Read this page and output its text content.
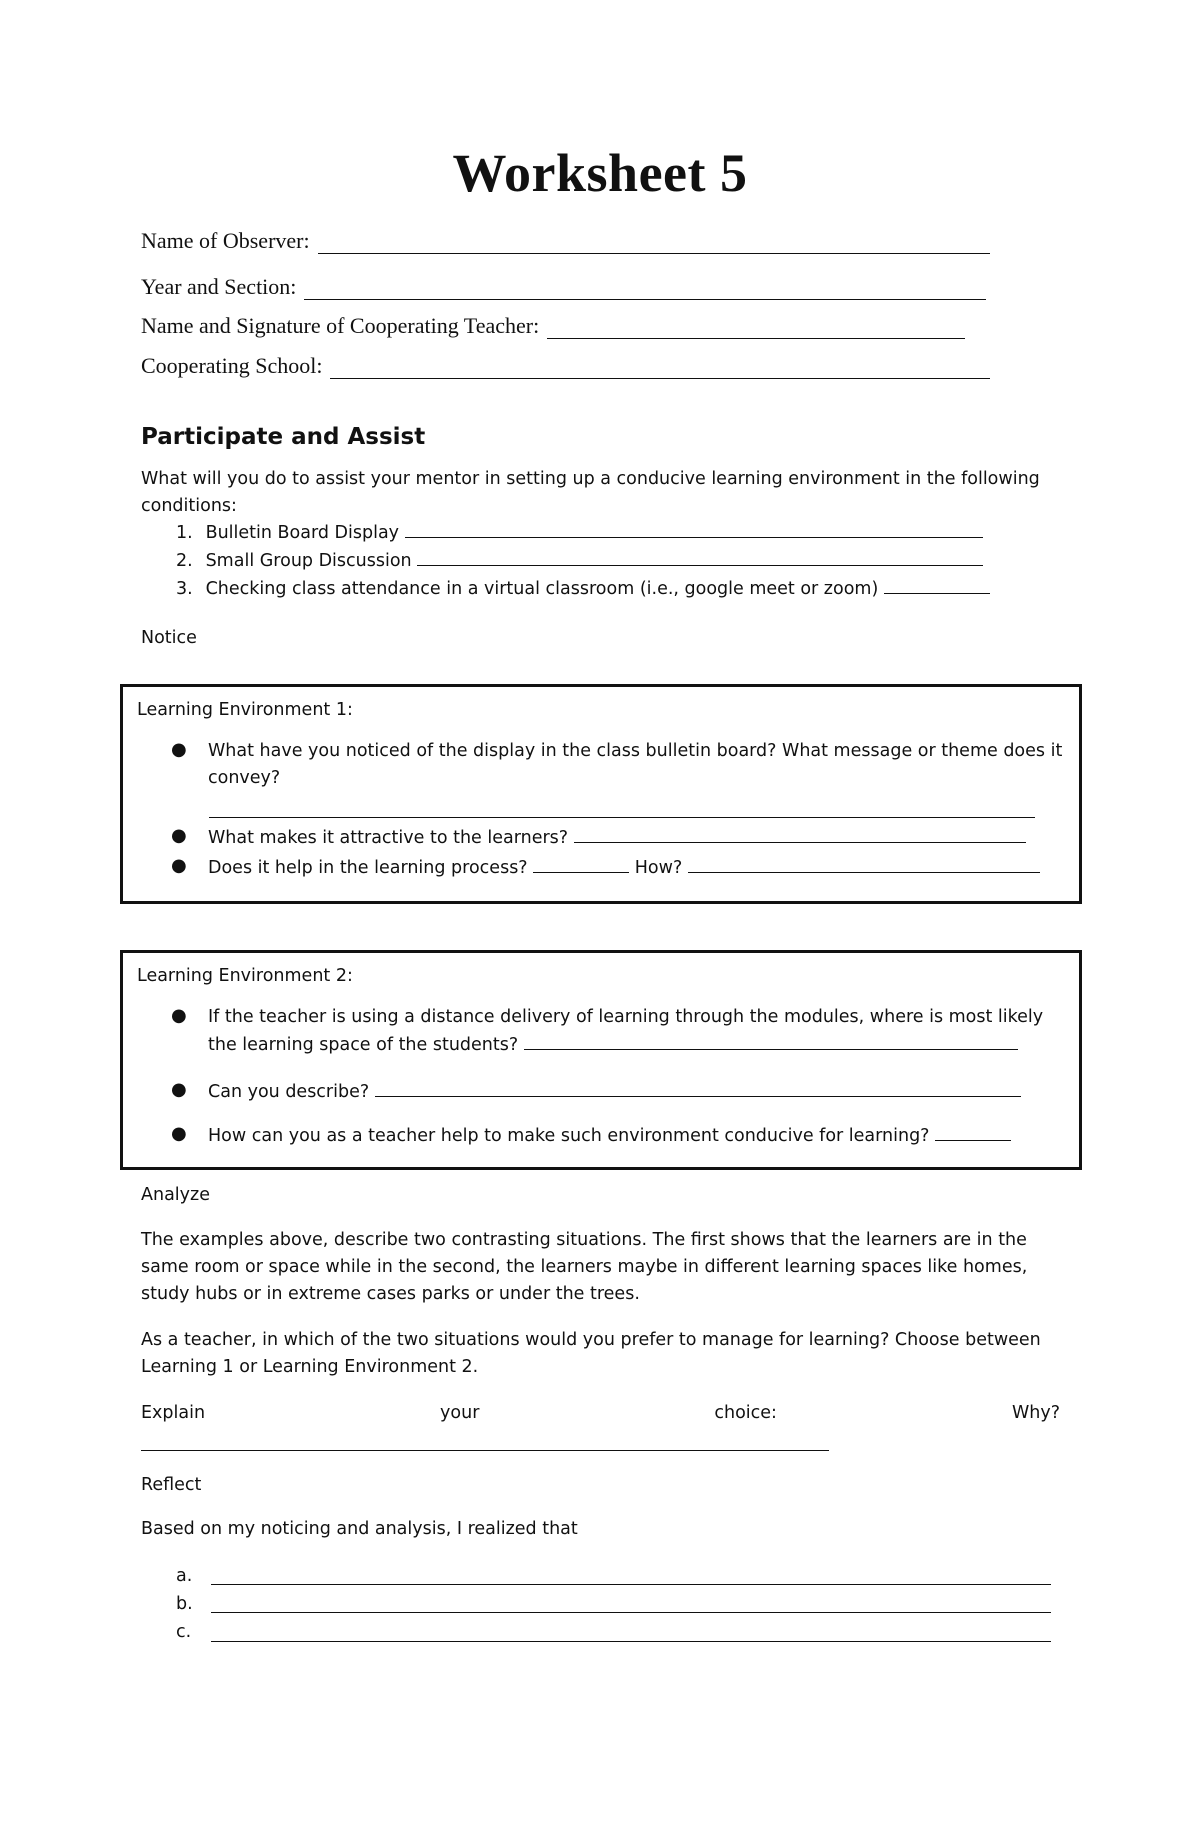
Worksheet 5
Name of Observer:
Year and Section:
Name and Signature of Cooperating Teacher:
Cooperating School:
Participate and Assist
What will you do to assist your mentor in setting up a conducive learning environment in the following
conditions:
1. Bulletin Board Display
2. Small Group Discussion
3. Checking class attendance in a virtual classroom (i.e., google meet or zoom)
Notice
Learning Environment 1:
● What have you noticed of the display in the class bulletin board? What message or theme does it
convey?
● What makes it attractive to the learners?
● Does it help in the learning process?	How?
Learning Environment 2:
● If the teacher is using a distance delivery of learning through the modules, where is most likely
the learning space of the students?
● Can you describe?
● How can you as a teacher help to make such environment conducive for learning?
Analyze
The examples above, describe two contrasting situations. The first shows that the learners are in the
same room or space while in the second, the learners maybe in different learning spaces like homes,
study hubs or in extreme cases parks or under the trees.
As a teacher, in which of the two situations would you prefer to manage for learning? Choose between
Learning 1 or Learning Environment 2.
Explain	your	choice:	Why?
Reflect
Based on my noticing and analysis, I realized that
a.
b.
c.
